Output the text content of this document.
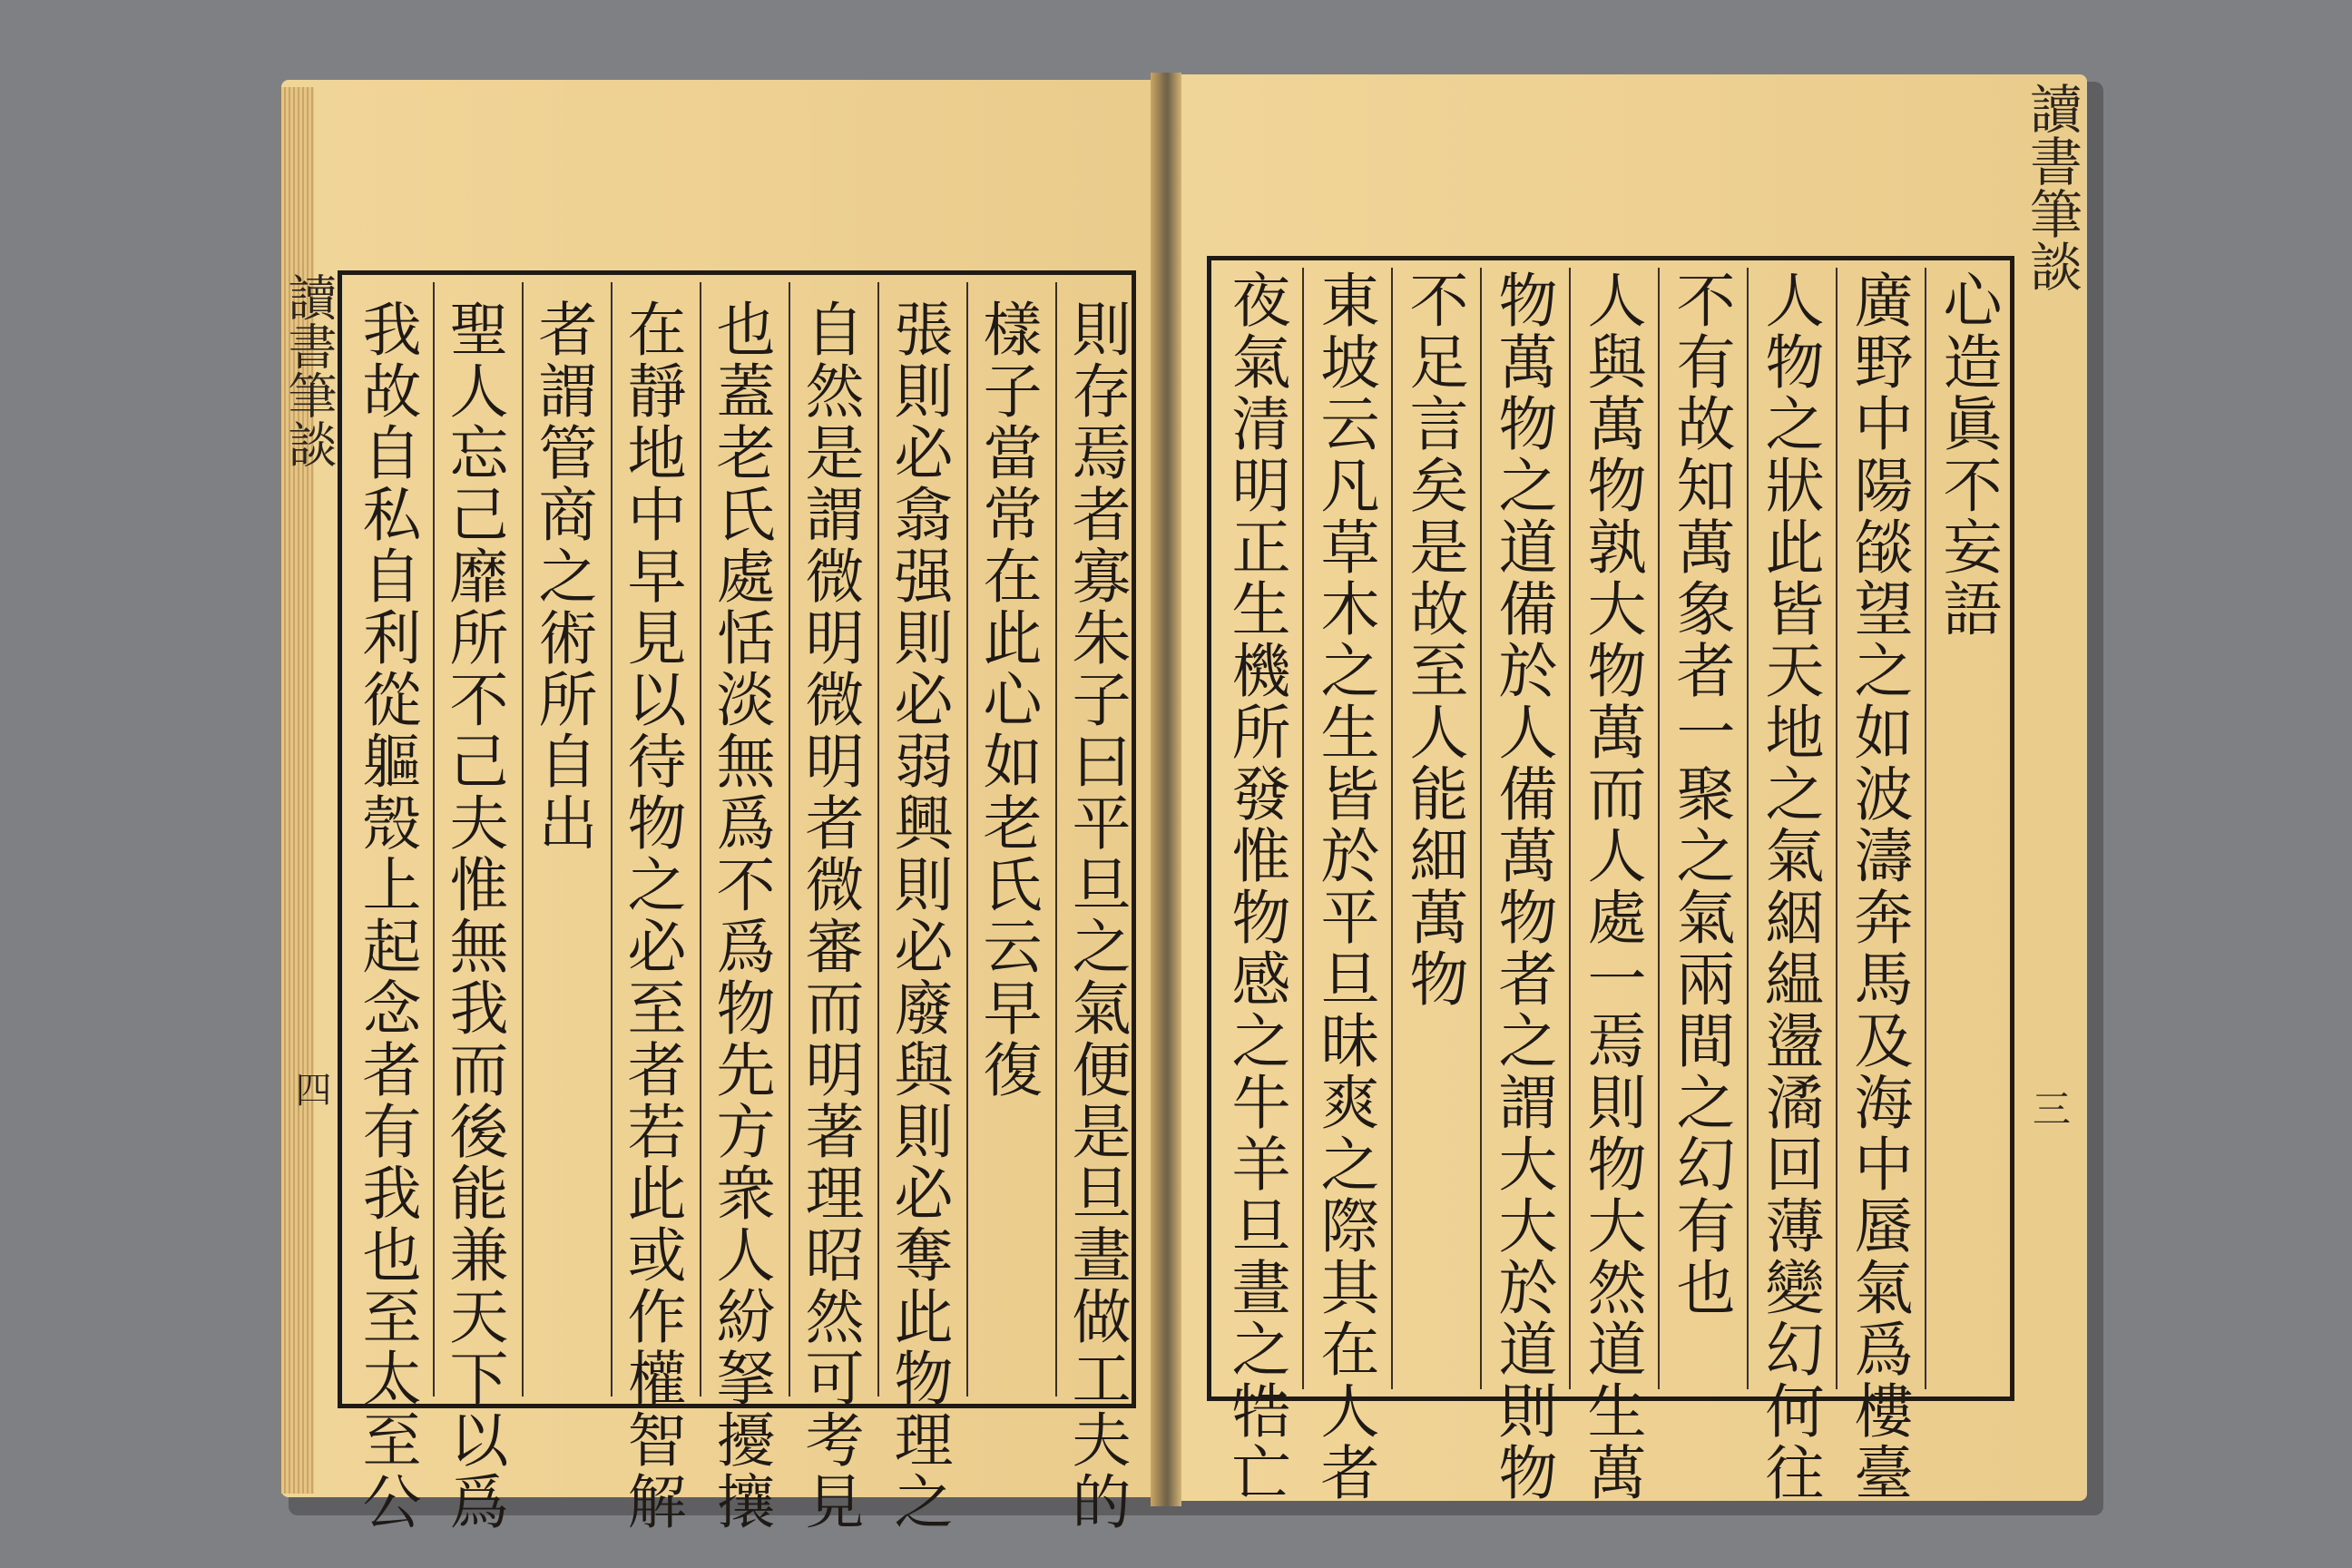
讀書筆談
四	則存焉者寡朱子曰平旦之氣便是旦晝做工夫的
樣子當常在此心如老氏云早復
張則必翕强則必弱興則必廢與則必奪此物理之
自然是謂微明微明者微審而明著理昭然可考見
也蓋老氏處恬淡無爲不爲物先方衆人紛拏擾攘
在靜地中早見以待物之必至者若此或作權智解
者謂管商之術所自出
聖人忘己靡所不己夫惟無我而後能兼天下以爲
我故自私自利從軀殼上起念者有我也至太至公
讀書筆談
三
心造眞不妄語
廣野中陽燄望之如波濤奔馬及海中蜃氣爲樓臺
人物之狀此皆天地之氣絪緼盪潏回薄變幻何往
不有故知萬象者一聚之氣兩間之幻有也
人與萬物孰大物萬而人處一焉則物大然道生萬
物萬物之道備於人備萬物者之謂大大於道則物
不足言矣是故至人能細萬物
東坡云凡草木之生皆於平旦昧爽之際其在人者
夜氣清明正生機所發惟物感之牛羊旦晝之牿亡
